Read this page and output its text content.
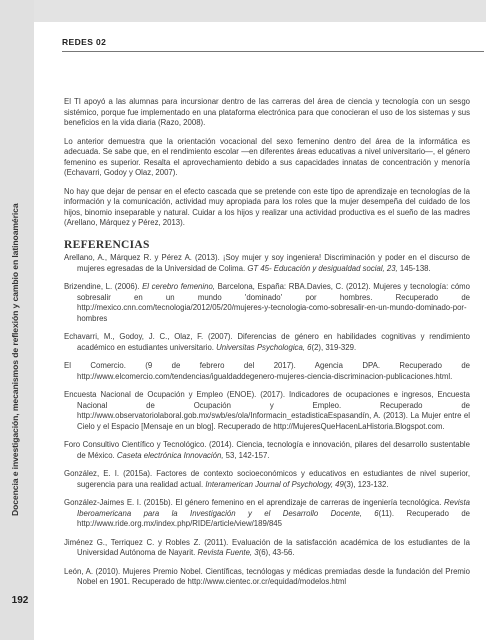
Docencia e investigación, mecanismos de reflexión y cambio en latinoamérica
REDES 02

El TI apoyó a las alumnas para incursionar dentro de las carreras del área de ciencia y tecnología con un sesgo sistémico, porque fue implementado en una plataforma electrónica para que conocieran el uso de los sistemas y sus beneficios en la vida diaria (Razo, 2008).

Lo anterior demuestra que la orientación vocacional del sexo femenino dentro del área de la informática es adecuada. Se sabe que, en el rendimiento escolar —en diferentes áreas educativas a nivel universitario—, el género femenino es superior. Resalta el aprovechamiento debido a sus capacidades innatas de concentración y menoría (Echavarri, Godoy y Olaz, 2007).

No hay que dejar de pensar en el efecto cascada que se pretende con este tipo de aprendizaje en tecnologías de la información y la comunicación, actividad muy apropiada para los roles que la mujer desempeña del cuidado de los hijos, binomio inseparable y natural. Cuidar a los hijos y realizar una actividad productiva es el sueño de las madres (Arellano, Márquez y Pérez, 2013).

REFERENCIAS

Arellano, A., Márquez R. y Pérez A. (2013). ¡Soy mujer y soy ingeniera! Discriminación y poder en el discurso de mujeres egresadas de la Universidad de Colima. GT 45- Educación y desigualdad social, 23, 145-138.

Brizendine, L. (2006). El cerebro femenino, Barcelona, España: RBA.Davies, C. (2012). Mujeres y tecnología: cómo sobresalir en un mundo 'dominado' por hombres. Recuperado de http://mexico.cnn.com/tecnologia/2012/05/20/mujeres-y-tecnologia-como-sobresalir-en-un-mundo-dominado-por-hombres

Echavarri, M., Godoy, J. C., Olaz, F. (2007). Diferencias de género en habilidades cognitivas y rendimiento académico en estudiantes universitario. Universitas Psychologica, 6(2), 319-329.

El Comercio. (9 de febrero del 2017). Agencia DPA. Recuperado de http://www.elcomercio.com/tendencias/igualdaddegenero-mujeres-ciencia-discriminacion-publicaciones.html.

Encuesta Nacional de Ocupación y Empleo (ENOE). (2017). Indicadores de ocupaciones e ingresos, Encuesta Nacional de Ocupación y Empleo. Recuperado de http://www.observatoriolaboral.gob.mx/swb/es/ola/Informacin_estadisticaEspasandín, A. (2013). La Mujer entre el Cielo y el Espacio [Mensaje en un blog]. Recuperado de http://MujeresQueHacenLaHistoria.Blogspot.com.

Foro Consultivo Científico y Tecnológico. (2014). Ciencia, tecnología e innovación, pilares del desarrollo sustentable de México. Caseta electrónica Innovación, 53, 142-157.

González, E. I. (2015a). Factores de contexto socioeconómicos y educativos en estudiantes de nivel superior, sugerencia para una realidad actual. Interamerican Journal of Psychology, 49(3), 123-132.

González-Jaimes E. I. (2015b). El género femenino en el aprendizaje de carreras de ingeniería tecnológica. Revista Iberoamericana para la Investigación y el Desarrollo Docente, 6(11). Recuperado de http://www.ride.org.mx/index.php/RIDE/article/view/189/845

Jiménez G., Terriquez C. y Robles Z. (2011). Evaluación de la satisfacción académica de los estudiantes de la Universidad Autónoma de Nayarit. Revista Fuente, 3(6), 43-56.

León, A. (2010). Mujeres Premio Nobel. Científicas, tecnólogas y médicas premiadas desde la fundación del Premio Nobel en 1901. Recuperado de http://www.cientec.or.cr/equidad/modelos.html

192
